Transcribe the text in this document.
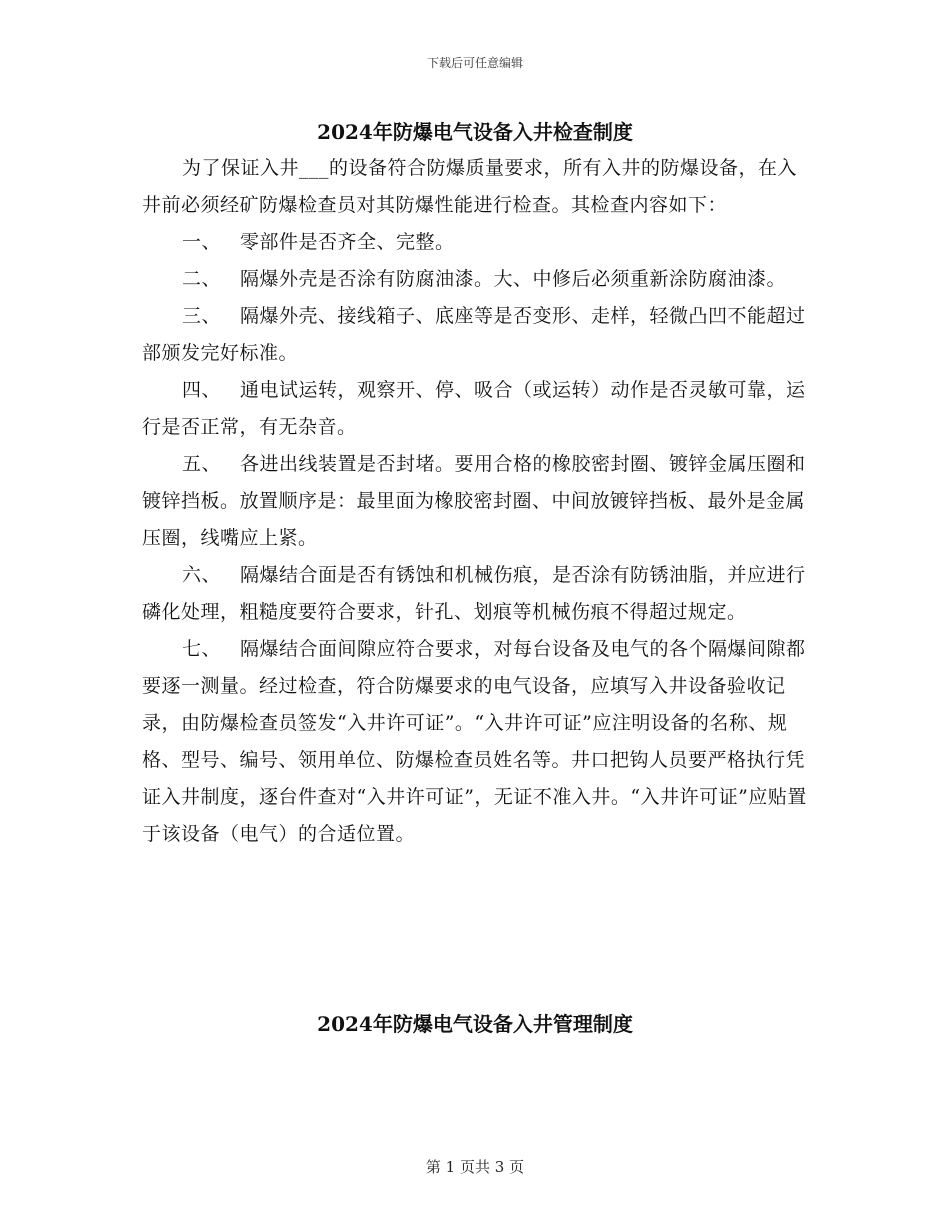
下载后可任意编辑
2024年防爆电气设备入井检查制度

为了保证入井___的设备符合防爆质量要求，所有入井的防爆设备，在入井前必须经矿防爆检查员对其防爆性能进行检查。其检查内容如下：

一、 零部件是否齐全、完整。

二、 隔爆外壳是否涂有防腐油漆。大、中修后必须重新涂防腐油漆。

三、 隔爆外壳、接线箱子、底座等是否变形、走样，轻微凸凹不能超过部颁发完好标准。

四、 通电试运转，观察开、停、吸合（或运转）动作是否灵敏可靠，运行是否正常，有无杂音。

五、 各进出线装置是否封堵。要用合格的橡胶密封圈、镀锌金属压圈和镀锌挡板。放置顺序是：最里面为橡胶密封圈、中间放镀锌挡板、最外是金属压圈，线嘴应上紧。

六、 隔爆结合面是否有锈蚀和机械伤痕，是否涂有防锈油脂，并应进行磷化处理，粗糙度要符合要求，针孔、划痕等机械伤痕不得超过规定。

七、 隔爆结合面间隙应符合要求，对每台设备及电气的各个隔爆间隙都要逐一测量。经过检查，符合防爆要求的电气设备，应填写入井设备验收记录，由防爆检查员签发“入井许可证”。“入井许可证”应注明设备的名称、规格、型号、编号、领用单位、防爆检查员姓名等。井口把钩人员要严格执行凭证入井制度，逐台件查对“入井许可证”，无证不准入井。“入井许可证”应贴置于该设备（电气）的合适位置。

2024年防爆电气设备入井管理制度
第 1 页共 3 页
